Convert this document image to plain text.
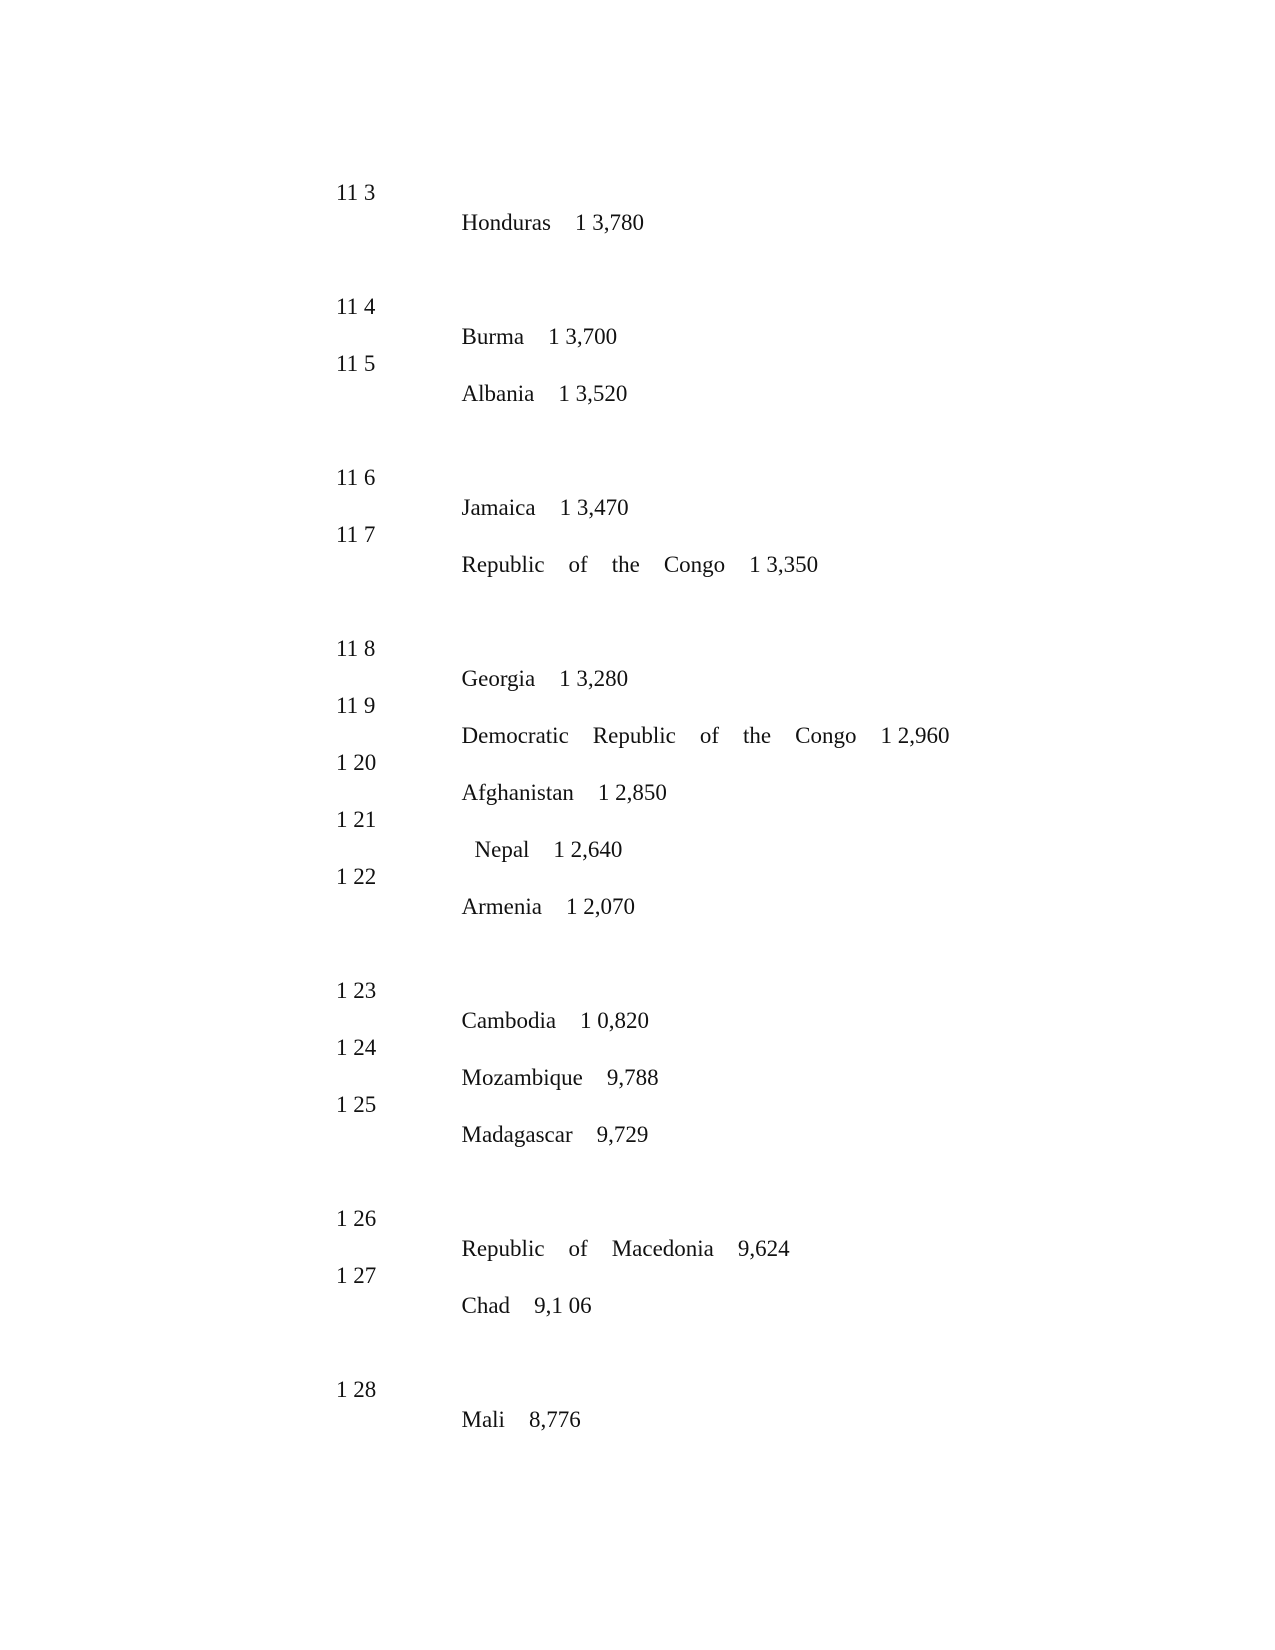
11 3

Honduras 1 3,780

11 4

Burma 1 3,700

11 5

Albania 1 3,520

11 6

Jamaica 1 3,470

11 7

Republic of the Congo 1 3,350

11 8

Georgia 1 3,280

11 9

Democratic Republic of the Congo 1 2,960

1 20

Afghanistan 1 2,850

1 21

Nepal 1 2,640

1 22

Armenia 1 2,070

1 23

Cambodia 1 0,820

1 24

Mozambique 9,788

1 25

Madagascar 9,729

1 26

Republic of Macedonia 9,624

1 27

Chad 9,1 06

1 28

Mali 8,776
